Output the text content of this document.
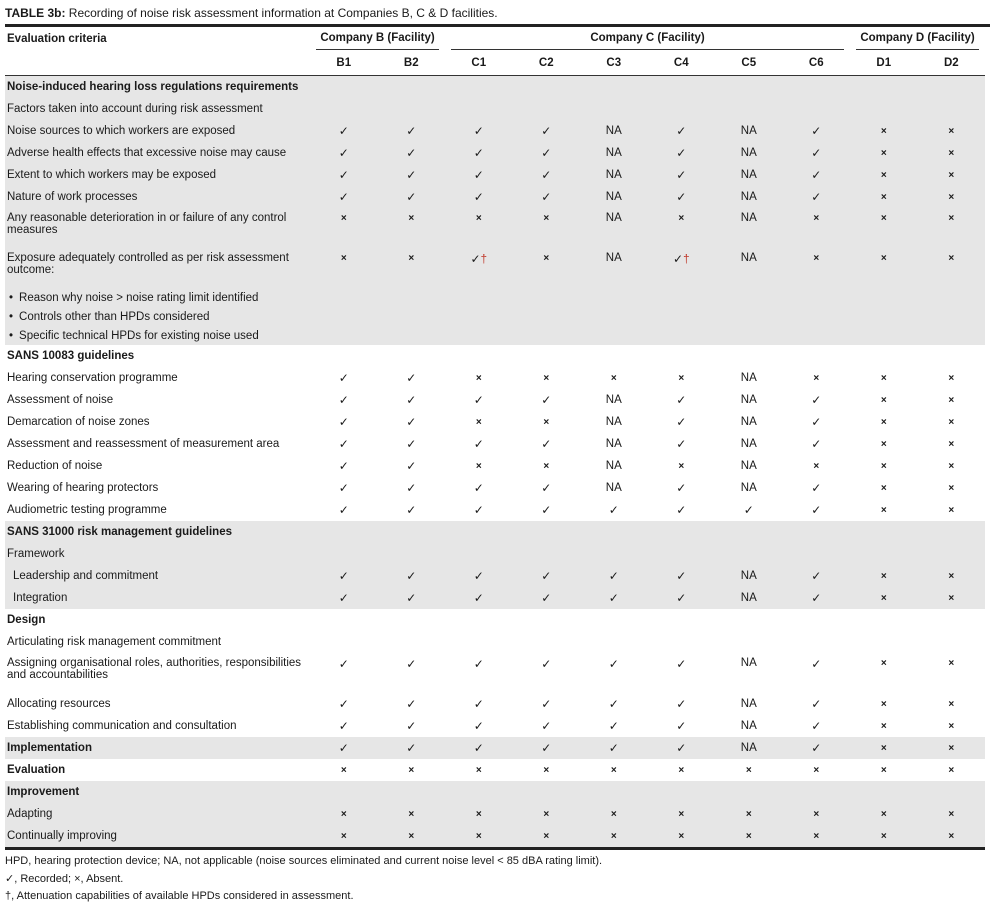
TABLE 3b: Recording of noise risk assessment information at Companies B, C & D facilities.
Evaluation criteria	Company B (Facility)		Company C (Facility)						Company D (Facility)	

	B1	B2	C1	C2	C3	C4	C5	C6	D1	D2
Noise-induced hearing loss regulations requirements										
Factors taken into account during risk assessment										
Noise sources to which workers are exposed	✓	✓	✓	✓	NA	✓	NA	✓	×	×
Adverse health effects that excessive noise may cause	✓	✓	✓	✓	NA	✓	NA	✓	×	×
Extent to which workers may be exposed	✓	✓	✓	✓	NA	✓	NA	✓	×	×
Nature of work processes	✓	✓	✓	✓	NA	✓	NA	✓	×	×
Any reasonable deterioration in or failure of any control measures	×	×	×	×	NA	×	NA	×	×	×
Exposure adequately controlled as per risk assessment outcome:	×	×	✓†	×	NA	✓†	NA	×	×	×
• Reason why noise > noise rating limit identified										
• Controls other than HPDs considered										
• Specific technical HPDs for existing noise used										
SANS 10083 guidelines										
Hearing conservation programme	✓	✓	×	×	×	×	NA	×	×	×
Assessment of noise	✓	✓	✓	✓	NA	✓	NA	✓	×	×
Demarcation of noise zones	✓	✓	×	×	NA	✓	NA	✓	×	×
Assessment and reassessment of measurement area	✓	✓	✓	✓	NA	✓	NA	✓	×	×
Reduction of noise	✓	✓	×	×	NA	×	NA	×	×	×
Wearing of hearing protectors	✓	✓	✓	✓	NA	✓	NA	✓	×	×
Audiometric testing programme	✓	✓	✓	✓	✓	✓	✓	✓	×	×
SANS 31000 risk management guidelines										
Framework										
Leadership and commitment	✓	✓	✓	✓	✓	✓	NA	✓	×	×
Integration	✓	✓	✓	✓	✓	✓	NA	✓	×	×
Design										
Articulating risk management commitment										
Assigning organisational roles, authorities, responsibilities and accountabilities	✓	✓	✓	✓	✓	✓	NA	✓	×	×
Allocating resources	✓	✓	✓	✓	✓	✓	NA	✓	×	×
Establishing communication and consultation	✓	✓	✓	✓	✓	✓	NA	✓	×	×
Implementation	✓	✓	✓	✓	✓	✓	NA	✓	×	×
Evaluation	×	×	×	×	×	×	×	×	×	×
Improvement										
Adapting	×	×	×	×	×	×	×	×	×	×
Continually improving	×	×	×	×	×	×	×	×	×	×
HPD, hearing protection device; NA, not applicable (noise sources eliminated and current noise level < 85 dBA rating limit).
✓, Recorded; ×, Absent.
†, Attenuation capabilities of available HPDs considered in assessment.
